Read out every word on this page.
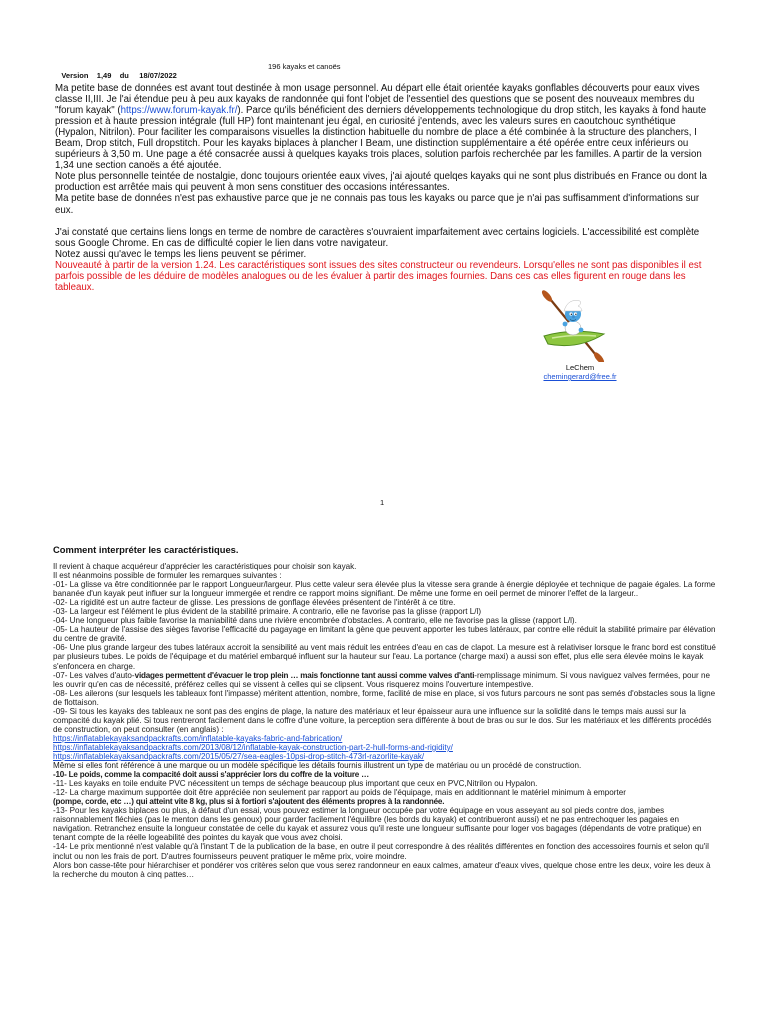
Version    1,49    du     18/07/2022

196 kayaks et canoës

Ma petite base de données est avant tout destinée à mon usage personnel. Au départ elle était orientée kayaks gonflables découverts pour eaux vives classe II,III. Je l'ai étendue peu à peu aux kayaks de randonnée qui font l'objet de l'essentiel des questions que se posent des nouveaux membres du "forum kayak" (https://www.forum-kayak.fr/). Parce qu'ils bénéficient des derniers développements technologique du drop stitch, les kayaks à fond haute pression et à haute pression intégrale (full HP) font maintenant jeu égal, en curiosité j'entends, avec les valeurs sures en caoutchouc synthétique (Hypalon, Nitrilon). Pour faciliter les comparaisons visuelles la distinction habituelle du nombre de place a été combinée à la structure des planchers, I Beam, Drop stitch, Full dropstitch. Pour les kayaks biplaces à plancher I Beam, une distinction supplémentaire a été opérée entre ceux inférieurs ou supérieurs à 3,50 m. Une page a été consacrée aussi à quelques kayaks trois places, solution parfois recherchée par les familles. A partir de la version 1,34 une section canoës a été ajoutée.

Note plus personnelle teintée de nostalgie, donc toujours orientée eaux vives, j'ai ajouté quelqes kayaks qui ne sont plus distribués en France ou dont la production est arrêtée mais qui peuvent à mon sens constituer des occasions intéressantes.

Ma petite base de données n'est pas exhaustive parce que je ne connais pas tous les kayaks ou parce que je n'ai pas suffisamment d'informations sur eux.

J'ai constaté que certains liens longs en terme de nombre de caractères s'ouvraient imparfaitement avec certains logiciels. L'accessibilité est complète sous Google Chrome. En cas de difficulté copier le lien dans votre navigateur.

Notez aussi qu'avec le temps les liens peuvent se périmer.

Nouveauté à partir de la version 1.24. Les caractéristiques sont issues des sites constructeur ou revendeurs. Lorsqu'elles ne sont pas disponibles il est parfois possible de les déduire de modèles analogues ou de les évaluer à partir des images fournies. Dans ces cas elles figurent en rouge dans les tableaux.

LeChem
chemingerard@free.fr
1
Comment interpréter les caractéristiques.

Il revient à chaque acquéreur d'apprécier les caractéristiques pour choisir son kayak.

Il est néanmoins possible de formuler les remarques suivantes :

-01- La glisse va être conditionnée par le rapport Longueur/largeur. Plus cette valeur sera élevée plus la vitesse sera grande à énergie déployée et technique de pagaie égales. La forme bananée d'un kayak peut influer sur la longueur immergée et rendre ce rapport moins signifiant. De même une forme en oeil permet de minorer l'effet de la largeur..

-02- La rigidité est un autre facteur de glisse. Les pressions de gonflage élevées présentent de l'intérêt à ce titre.

-03- La largeur est l'élément le plus évident de la stabilité primaire. A contrario, elle ne favorise pas la glisse (rapport L/l)

-04- Une longueur plus faible favorise la maniabilité dans une rivière encombrée d'obstacles. A contrario, elle ne favorise pas la glisse (rapport L/l).

-05- La hauteur de l'assise des sièges favorise l'efficacité du pagayage en limitant la gène que peuvent apporter les tubes latéraux, par contre elle réduit la stabilité primaire par élévation du centre de gravité.

-06- Une plus grande largeur des tubes latéraux accroit la sensibilité au vent mais réduit les entrées d'eau en cas de clapot. La mesure est à relativiser lorsque le franc bord est constitué par plusieurs tubes. Le poids de l'équipage et du matériel embarqué influent sur la hauteur sur l'eau. La portance (charge maxi) a aussi son effet, plus elle sera élevée moins le kayak s'enfoncera en charge.

-07- Les valves d'auto-vidages permettent d'évacuer le trop plein … mais fonctionne tant aussi comme valves d'anti-remplissage minimum. Si vous naviguez valves fermées, pour ne les ouvrir qu'en cas de nécessité, préférez celles qui se vissent à celles qui se clipsent. Vous risquerez moins l'ouverture intempestive.

-08- Les ailerons (sur lesquels les tableaux font l'impasse) méritent attention, nombre, forme, facilité de mise en place, si vos futurs parcours ne sont pas semés d'obstacles sous la ligne de flottaison.

-09- Si tous les kayaks des tableaux ne sont pas des engins de plage, la nature des matériaux et leur épaisseur aura une influence sur la solidité dans le temps mais aussi sur la compacité du kayak plié. Si tous rentreront facilement dans le coffre d'une voiture, la perception sera différente à bout de bras ou sur le dos. Sur les matériaux et les différents procédés de construction, on peut consulter (en anglais) :

https://inflatablekayaksandpackrafts.com/inflatable-kayaks-fabric-and-fabrication/

https://inflatablekayaksandpackrafts.com/2013/08/12/inflatable-kayak-construction-part-2-hull-forms-and-rigidity/

https://inflatablekayaksandpackrafts.com/2015/05/27/sea-eagles-10psi-drop-stitch-473rl-razorlite-kayak/

Même si elles font référence à une marque ou un modèle spécifique les détails fournis illustrent un type de matériau ou un procédé de construction.

-10- Le poids, comme la compacité doit aussi s'apprécier lors du coffre de la voiture …

-11- Les kayaks en toile enduite PVC nécessitent un temps de séchage beaucoup plus important que ceux en PVC,Nitrilon ou Hypalon.

-12- La charge maximum supportée doit être appréciée non seulement par rapport au poids de l'équipage, mais en additionnant le matériel minimum à emporter

(pompe, corde, etc …) qui atteint vite 8 kg, plus si à fortiori s'ajoutent des éléments propres à la randonnée.

-13- Pour les kayaks biplaces ou plus, à défaut d'un essai, vous pouvez estimer la longueur occupée par votre équipage en vous asseyant au sol pieds contre dos, jambes raisonnablement fléchies (pas le menton dans les genoux) pour garder facilement l'équilibre (les bords du kayak) et contribueront aussi) et ne pas entrechoquer les pagaies en navigation. Retranchez ensuite la longueur constatée de celle du kayak et assurez vous qu'il reste une longueur suffisante pour loger vos bagages (dépendants de votre pratique) en tenant compte de la réelle logeabilité des pointes du kayak que vous avez choisi.

-14- Le prix mentionné n'est valable qu'à l'instant T de la publication de la base, en outre il peut correspondre à des réalités différentes en fonction des accessoires fournis et selon qu'il inclut ou non les frais de port. D'autres fournisseurs peuvent pratiquer le même prix, voire moindre.

Alors bon casse-tête pour hiérarchiser et pondérer vos critères selon que vous serez randonneur en eaux calmes, amateur d'eaux vives, quelque chose entre les deux, voire les deux à la recherche du mouton à cinq pattes…
